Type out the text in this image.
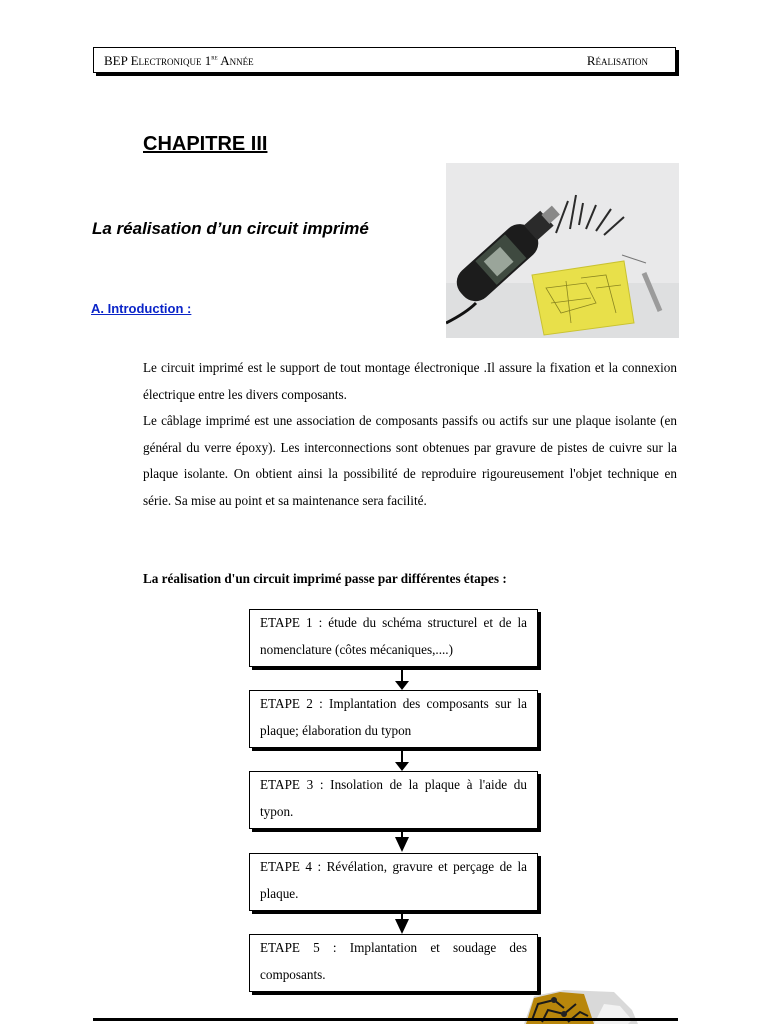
BEP Electronique 1re Année	Réalisation
CHAPITRE III
La réalisation d’un circuit imprimé
A. Introduction :

Le circuit imprimé est le support de tout montage électronique .Il assure la fixation et la connexion électrique entre les divers composants.

Le câblage imprimé est une association de composants passifs ou actifs sur une plaque isolante (en général du verre époxy). Les interconnections sont obtenues par gravure de pistes de cuivre sur la plaque isolante. On obtient ainsi la possibilité de reproduire rigoureusement l'objet technique en série. Sa mise au point et sa maintenance sera facilité.

La réalisation d'un circuit imprimé passe par différentes étapes :
ETAPE 1 : étude du schéma structurel et de la nomenclature (côtes mécaniques,....)
ETAPE 2 : Implantation des composants sur la plaque; élaboration du typon
ETAPE 3 : Insolation de la plaque à l'aide du typon.
ETAPE 4 : Révélation, gravure et perçage de la plaque.
ETAPE 5 : Implantation et soudage des composants.
